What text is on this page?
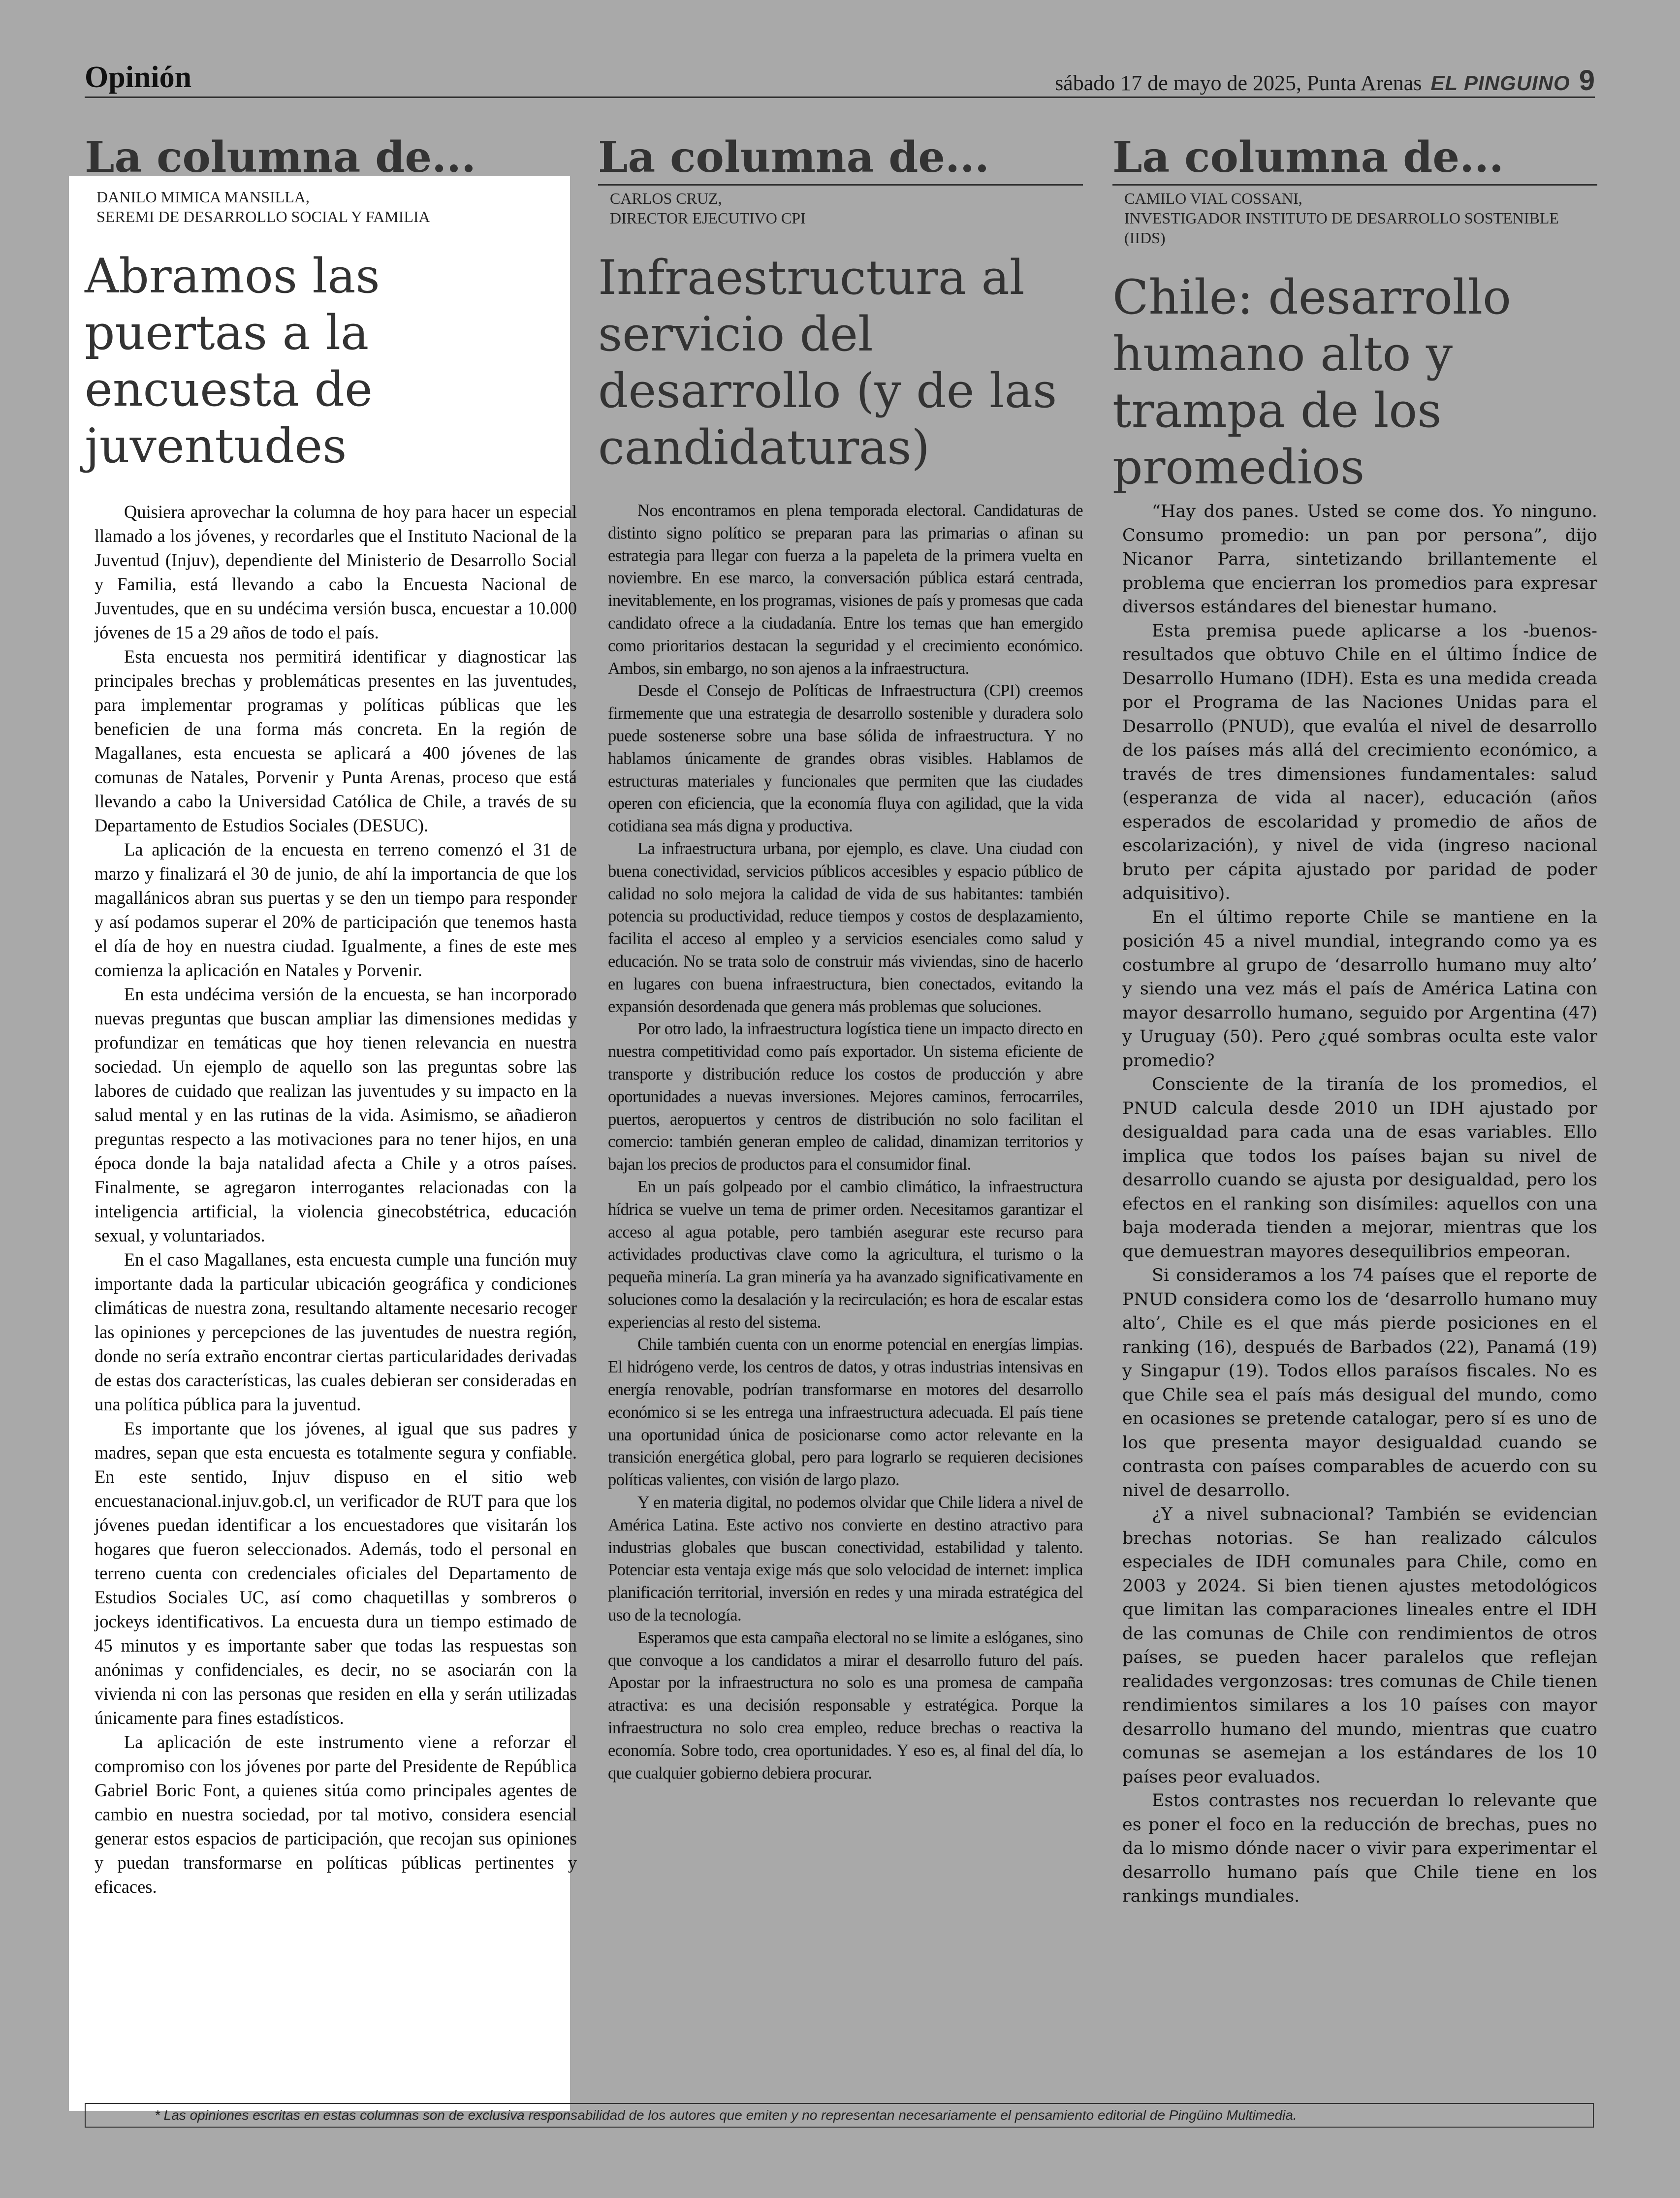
Opinión	sábado 17 de mayo de 2025, Punta Arenas EL PINGUINO 9
La columna de...
DANILO MIMICA MANSILLA,
SEREMI DE DESARROLLO SOCIAL Y FAMILIA
Abramos las puertas a la encuesta de juventudes

Quisiera aprovechar la columna de hoy para hacer un especial llamado a los jóvenes, y recordarles que el Instituto Nacional de la Juventud (Injuv), dependiente del Ministerio de Desarrollo Social y Familia, está llevando a cabo la Encuesta Nacional de Juventudes, que en su undécima versión busca, encuestar a 10.000 jóvenes de 15 a 29 años de todo el país.

Esta encuesta nos permitirá identificar y diagnosticar las principales brechas y problemáticas presentes en las juventudes, para implementar programas y políticas públicas que les beneficien de una forma más concreta. En la región de Magallanes, esta encuesta se aplicará a 400 jóvenes de las comunas de Natales, Porvenir y Punta Arenas, proceso que está llevando a cabo la Universidad Católica de Chile, a través de su Departamento de Estudios Sociales (DESUC).

La aplicación de la encuesta en terreno comenzó el 31 de marzo y finalizará el 30 de junio, de ahí la importancia de que los magallánicos abran sus puertas y se den un tiempo para responder y así podamos superar el 20% de participación que tenemos hasta el día de hoy en nuestra ciudad. Igualmente, a fines de este mes comienza la aplicación en Natales y Porvenir.

En esta undécima versión de la encuesta, se han incorporado nuevas preguntas que buscan ampliar las dimensiones medidas y profundizar en temáticas que hoy tienen relevancia en nuestra sociedad. Un ejemplo de aquello son las preguntas sobre las labores de cuidado que realizan las juventudes y su impacto en la salud mental y en las rutinas de la vida. Asimismo, se añadieron preguntas respecto a las motivaciones para no tener hijos, en una época donde la baja natalidad afecta a Chile y a otros países. Finalmente, se agregaron interrogantes relacionadas con la inteligencia artificial, la violencia ginecobstétrica, educación sexual, y voluntariados.

En el caso Magallanes, esta encuesta cumple una función muy importante dada la particular ubicación geográfica y condiciones climáticas de nuestra zona, resultando altamente necesario recoger las opiniones y percepciones de las juventudes de nuestra región, donde no sería extraño encontrar ciertas particularidades derivadas de estas dos características, las cuales debieran ser consideradas en una política pública para la juventud.

Es importante que los jóvenes, al igual que sus padres y madres, sepan que esta encuesta es totalmente segura y confiable. En este sentido, Injuv dispuso en el sitio web encuestanacional.injuv.gob.cl, un verificador de RUT para que los jóvenes puedan identificar a los encuestadores que visitarán los hogares que fueron seleccionados. Además, todo el personal en terreno cuenta con credenciales oficiales del Departamento de Estudios Sociales UC, así como chaquetillas y sombreros o jockeys identificativos. La encuesta dura un tiempo estimado de 45 minutos y es importante saber que todas las respuestas son anónimas y confidenciales, es decir, no se asociarán con la vivienda ni con las personas que residen en ella y serán utilizadas únicamente para fines estadísticos.

La aplicación de este instrumento viene a reforzar el compromiso con los jóvenes por parte del Presidente de República Gabriel Boric Font, a quienes sitúa como principales agentes de cambio en nuestra sociedad, por tal motivo, considera esencial generar estos espacios de participación, que recojan sus opiniones y puedan transformarse en políticas públicas pertinentes y eficaces.

La columna de...
CARLOS CRUZ,
DIRECTOR EJECUTIVO CPI
Infraestructura al servicio del desarrollo (y de las candidaturas)

Nos encontramos en plena temporada electoral. Candidaturas de distinto signo político se preparan para las primarias o afinan su estrategia para llegar con fuerza a la papeleta de la primera vuelta en noviembre. En ese marco, la conversación pública estará centrada, inevitablemente, en los programas, visiones de país y promesas que cada candidato ofrece a la ciudadanía. Entre los temas que han emergido como prioritarios destacan la seguridad y el crecimiento económico. Ambos, sin embargo, no son ajenos a la infraestructura.

Desde el Consejo de Políticas de Infraestructura (CPI) creemos firmemente que una estrategia de desarrollo sostenible y duradera solo puede sostenerse sobre una base sólida de infraestructura. Y no hablamos únicamente de grandes obras visibles. Hablamos de estructuras materiales y funcionales que permiten que las ciudades operen con eficiencia, que la economía fluya con agilidad, que la vida cotidiana sea más digna y productiva.

La infraestructura urbana, por ejemplo, es clave. Una ciudad con buena conectividad, servicios públicos accesibles y espacio público de calidad no solo mejora la calidad de vida de sus habitantes: también potencia su productividad, reduce tiempos y costos de desplazamiento, facilita el acceso al empleo y a servicios esenciales como salud y educación. No se trata solo de construir más viviendas, sino de hacerlo en lugares con buena infraestructura, bien conectados, evitando la expansión desordenada que genera más problemas que soluciones.

Por otro lado, la infraestructura logística tiene un impacto directo en nuestra competitividad como país exportador. Un sistema eficiente de transporte y distribución reduce los costos de producción y abre oportunidades a nuevas inversiones. Mejores caminos, ferrocarriles, puertos, aeropuertos y centros de distribución no solo facilitan el comercio: también generan empleo de calidad, dinamizan territorios y bajan los precios de productos para el consumidor final.

En un país golpeado por el cambio climático, la infraestructura hídrica se vuelve un tema de primer orden. Necesitamos garantizar el acceso al agua potable, pero también asegurar este recurso para actividades productivas clave como la agricultura, el turismo o la pequeña minería. La gran minería ya ha avanzado significativamente en soluciones como la desalación y la recirculación; es hora de escalar estas experiencias al resto del sistema.

Chile también cuenta con un enorme potencial en energías limpias. El hidrógeno verde, los centros de datos, y otras industrias intensivas en energía renovable, podrían transformarse en motores del desarrollo económico si se les entrega una infraestructura adecuada. El país tiene una oportunidad única de posicionarse como actor relevante en la transición energética global, pero para lograrlo se requieren decisiones políticas valientes, con visión de largo plazo.

Y en materia digital, no podemos olvidar que Chile lidera a nivel de América Latina. Este activo nos convierte en destino atractivo para industrias globales que buscan conectividad, estabilidad y talento. Potenciar esta ventaja exige más que solo velocidad de internet: implica planificación territorial, inversión en redes y una mirada estratégica del uso de la tecnología.

Esperamos que esta campaña electoral no se limite a eslóganes, sino que convoque a los candidatos a mirar el desarrollo futuro del país. Apostar por la infraestructura no solo es una promesa de campaña atractiva: es una decisión responsable y estratégica. Porque la infraestructura no solo crea empleo, reduce brechas o reactiva la economía. Sobre todo, crea oportunidades. Y eso es, al final del día, lo que cualquier gobierno debiera procurar.

La columna de...
CAMILO VIAL COSSANI,
INVESTIGADOR INSTITUTO DE DESARROLLO SOSTENIBLE (IIDS)
Chile: desarrollo humano alto y trampa de los promedios

“Hay dos panes. Usted se come dos. Yo ninguno. Consumo promedio: un pan por persona”, dijo Nicanor Parra, sintetizando brillantemente el problema que encierran los promedios para expresar diversos estándares del bienestar humano.

Esta premisa puede aplicarse a los -buenos- resultados que obtuvo Chile en el último Índice de Desarrollo Humano (IDH). Esta es una medida creada por el Programa de las Naciones Unidas para el Desarrollo (PNUD), que evalúa el nivel de desarrollo de los países más allá del crecimiento económico, a través de tres dimensiones fundamentales: salud (esperanza de vida al nacer), educación (años esperados de escolaridad y promedio de años de escolarización), y nivel de vida (ingreso nacional bruto per cápita ajustado por paridad de poder adquisitivo).

En el último reporte Chile se mantiene en la posición 45 a nivel mundial, integrando como ya es costumbre al grupo de ‘desarrollo humano muy alto’ y siendo una vez más el país de América Latina con mayor desarrollo humano, seguido por Argentina (47) y Uruguay (50). Pero ¿qué sombras oculta este valor promedio?

Consciente de la tiranía de los promedios, el PNUD calcula desde 2010 un IDH ajustado por desigualdad para cada una de esas variables. Ello implica que todos los países bajan su nivel de desarrollo cuando se ajusta por desigualdad, pero los efectos en el ranking son disímiles: aquellos con una baja moderada tienden a mejorar, mientras que los que demuestran mayores desequilibrios empeoran.

Si consideramos a los 74 países que el reporte de PNUD considera como los de ‘desarrollo humano muy alto’, Chile es el que más pierde posiciones en el ranking (16), después de Barbados (22), Panamá (19) y Singapur (19). Todos ellos paraísos fiscales. No es que Chile sea el país más desigual del mundo, como en ocasiones se pretende catalogar, pero sí es uno de los que presenta mayor desigualdad cuando se contrasta con países comparables de acuerdo con su nivel de desarrollo.

¿Y a nivel subnacional? También se evidencian brechas notorias. Se han realizado cálculos especiales de IDH comunales para Chile, como en 2003 y 2024. Si bien tienen ajustes metodológicos que limitan las comparaciones lineales entre el IDH de las comunas de Chile con rendimientos de otros países, se pueden hacer paralelos que reflejan realidades vergonzosas: tres comunas de Chile tienen rendimientos similares a los 10 países con mayor desarrollo humano del mundo, mientras que cuatro comunas se asemejan a los estándares de los 10 países peor evaluados.

Estos contrastes nos recuerdan lo relevante que es poner el foco en la reducción de brechas, pues no da lo mismo dónde nacer o vivir para experimentar el desarrollo humano país que Chile tiene en los rankings mundiales.

* Las opiniones escritas en estas columnas son de exclusiva responsabilidad de los autores que emiten y no representan necesariamente el pensamiento editorial de Pingüino Multimedia.
